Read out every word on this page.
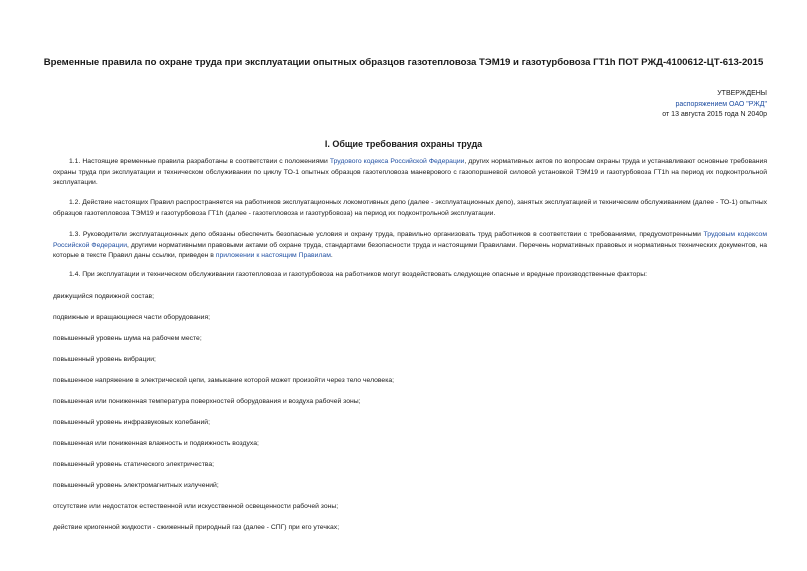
Временные правила по охране труда при эксплуатации опытных образцов газотепловоза ТЭМ19 и газотурбовоза ГТ1h ПОТ РЖД-4100612-ЦТ-613-2015
УТВЕРЖДЕНЫ
распоряжением ОАО "РЖД"
от 13 августа 2015 года N 2040р
I. Общие требования охраны труда
1.1. Настоящие временные правила разработаны в соответствии с положениями Трудового кодекса Российской Федерации, других нормативных актов по вопросам охраны труда и устанавливают основные требования охраны труда при эксплуатации и техническом обслуживании по циклу ТО-1 опытных образцов газотепловоза маневрового с газопоршневой силовой установкой ТЭМ19 и газотурбовоза ГТ1h на период их подконтрольной эксплуатации.
1.2. Действие настоящих Правил распространяется на работников эксплуатационных локомотивных депо (далее - эксплуатационных депо), занятых эксплуатацией и техническим обслуживанием (далее - ТО-1) опытных образцов газотепловоза ТЭМ19 и газотурбовоза ГТ1h (далее - газотепловоза и газотурбовоза) на период их подконтрольной эксплуатации.
1.3. Руководители эксплуатационных депо обязаны обеспечить безопасные условия и охрану труда, правильно организовать труд работников в соответствии с требованиями, предусмотренными Трудовым кодексом Российской Федерации, другими нормативными правовыми актами об охране труда, стандартами безопасности труда и настоящими Правилами. Перечень нормативных правовых и нормативных технических документов, на которые в тексте Правил даны ссылки, приведен в приложении к настоящим Правилам.
1.4. При эксплуатации и техническом обслуживании газотепловоза и газотурбовоза на работников могут воздействовать следующие опасные и вредные производственные факторы:
движущийся подвижной состав;
подвижные и вращающиеся части оборудования;
повышенный уровень шума на рабочем месте;
повышенный уровень вибрации;
повышенное напряжение в электрической цепи, замыкание которой может произойти через тело человека;
повышенная или пониженная температура поверхностей оборудования и воздуха рабочей зоны;
повышенный уровень инфразвуковых колебаний;
повышенная или пониженная влажность и подвижность воздуха;
повышенный уровень статического электричества;
повышенный уровень электромагнитных излучений;
отсутствие или недостаток естественной или искусственной освещенности рабочей зоны;
действие криогенной жидкости - сжиженный природный газ (далее - СПГ) при его утечках;
